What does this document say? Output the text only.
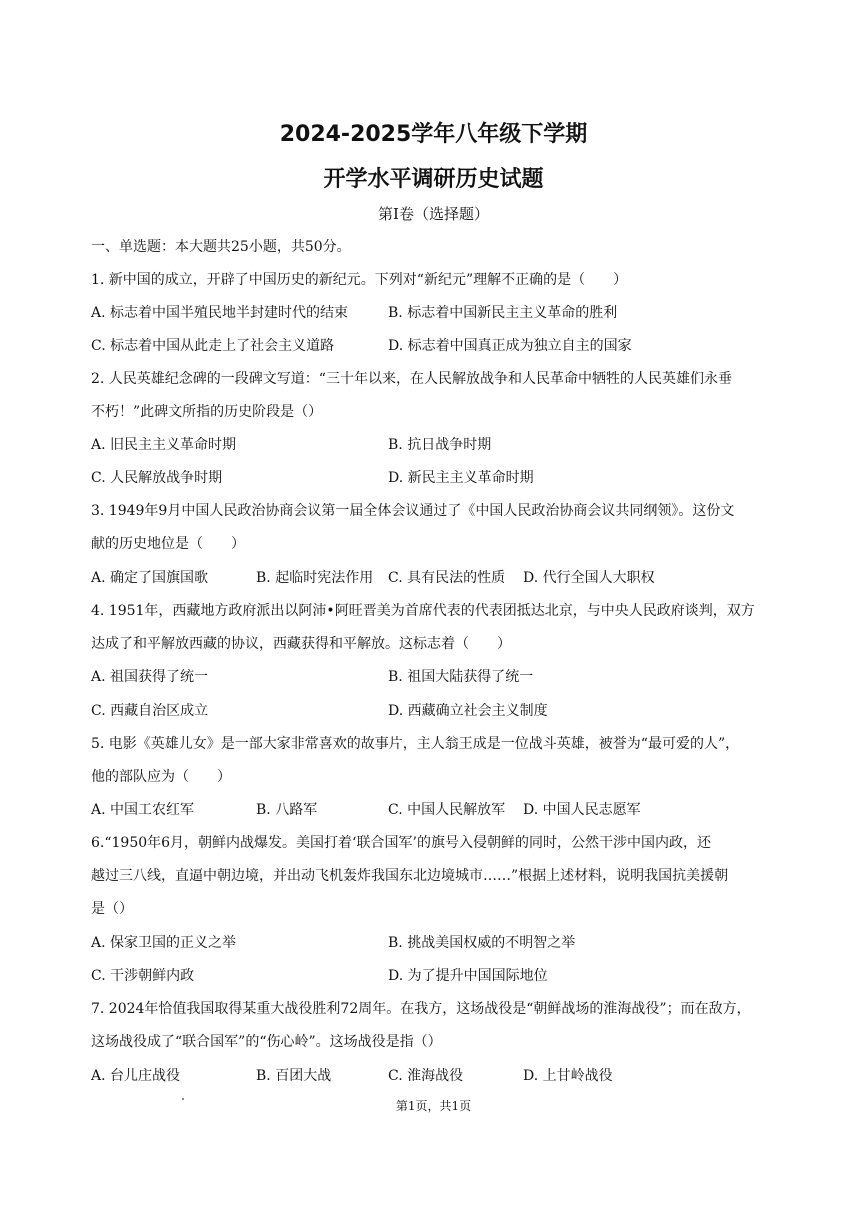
2024-2025学年八年级下学期
开学水平调研历史试题
第I卷（选择题）
一、单选题：本大题共25小题，共50分。
1. 新中国的成立，开辟了中国历史的新纪元。下列对“新纪元”理解不正确的是（　　）
A. 标志着中国半殖民地半封建时代的结束	B. 标志着中国新民主主义革命的胜利
C. 标志着中国从此走上了社会主义道路	D. 标志着中国真正成为独立自主的国家
2. 人民英雄纪念碑的一段碑文写道：“三十年以来，在人民解放战争和人民革命中牺牲的人民英雄们永垂
不朽！”此碑文所指的历史阶段是（）
A. 旧民主主义革命时期	B. 抗日战争时期
C. 人民解放战争时期	D. 新民主主义革命时期
3. 1949年9月中国人民政治协商会议第一届全体会议通过了《中国人民政治协商会议共同纲领》。这份文
献的历史地位是（　　）
A. 确定了国旗国歌	B. 起临时宪法作用 C. 具有民法的性质 D. 代行全国人大职权
4. 1951年，西藏地方政府派出以阿沛•阿旺晋美为首席代表的代表团抵达北京，与中央人民政府谈判，双方
达成了和平解放西藏的协议，西藏获得和平解放。这标志着（　　）
A. 祖国获得了统一	B. 祖国大陆获得了统一
C. 西藏自治区成立	D. 西藏确立社会主义制度
5. 电影《英雄儿女》是一部大家非常喜欢的故事片，主人翁王成是一位战斗英雄，被誉为“最可爱的人”，
他的部队应为（　　）
A. 中国工农红军	B. 八路军	C. 中国人民解放军 D. 中国人民志愿军
6.“1950年6月，朝鲜内战爆发。美国打着‘联合国军’的旗号入侵朝鲜的同时，公然干涉中国内政，还
越过三八线，直逼中朝边境，并出动飞机轰炸我国东北边境城市……”根据上述材料，说明我国抗美援朝
是（）
A. 保家卫国的正义之举	B. 挑战美国权威的不明智之举
C. 干涉朝鲜内政	D. 为了提升中国国际地位
7. 2024年恰值我国取得某重大战役胜利72周年。在我方，这场战役是“朝鲜战场的淮海战役”；而在敌方，
这场战役成了“联合国军”的“伤心岭”。这场战役是指（）
A. 台儿庄战役	B. 百团大战	C. 淮海战役	D. 上甘岭战役
第1页，共1页
